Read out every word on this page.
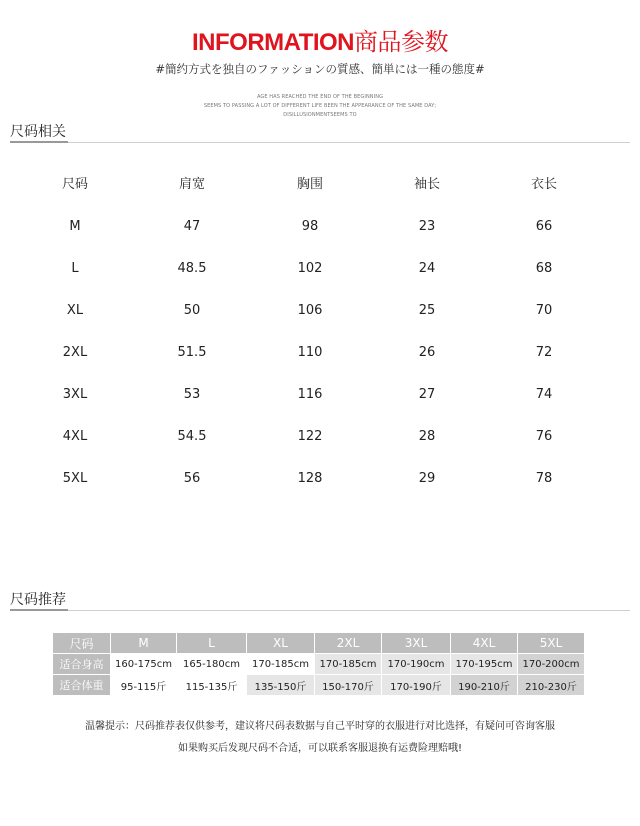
INFORMATION商品参数
#簡约方式を独自のファッションの質感、簡単には一種の態度#
AGE HAS REACHED THE END OF THE BEGINNING
SEEMS TO PASSING A LOT OF DIFFERENT LIFE BEEN THE APPEARANCE OF THE SAME DAY;
DISILLUSIONMENTSEEMS TO
尺码相关
尺码	肩宽	胸围	袖长	衣长
M	47	98	23	66
L	48.5	102	24	68
XL	50	106	25	70
2XL	51.5	110	26	72
3XL	53	116	27	74
4XL	54.5	122	28	76
5XL	56	128	29	78
尺码推荐
尺码	M	L	XL	2XL	3XL	4XL	5XL
适合身高	160-175cm	165-180cm	170-185cm	170-185cm	170-190cm	170-195cm	170-200cm
适合体重	95-115斤	115-135斤	135-150斤	150-170斤	170-190斤	190-210斤	210-230斤
温馨提示：尺码推荐表仅供参考，建议将尺码表数据与自己平时穿的衣服进行对比选择，有疑问可咨询客服
如果购买后发现尺码不合适，可以联系客服退换有运费险理赔哦!
